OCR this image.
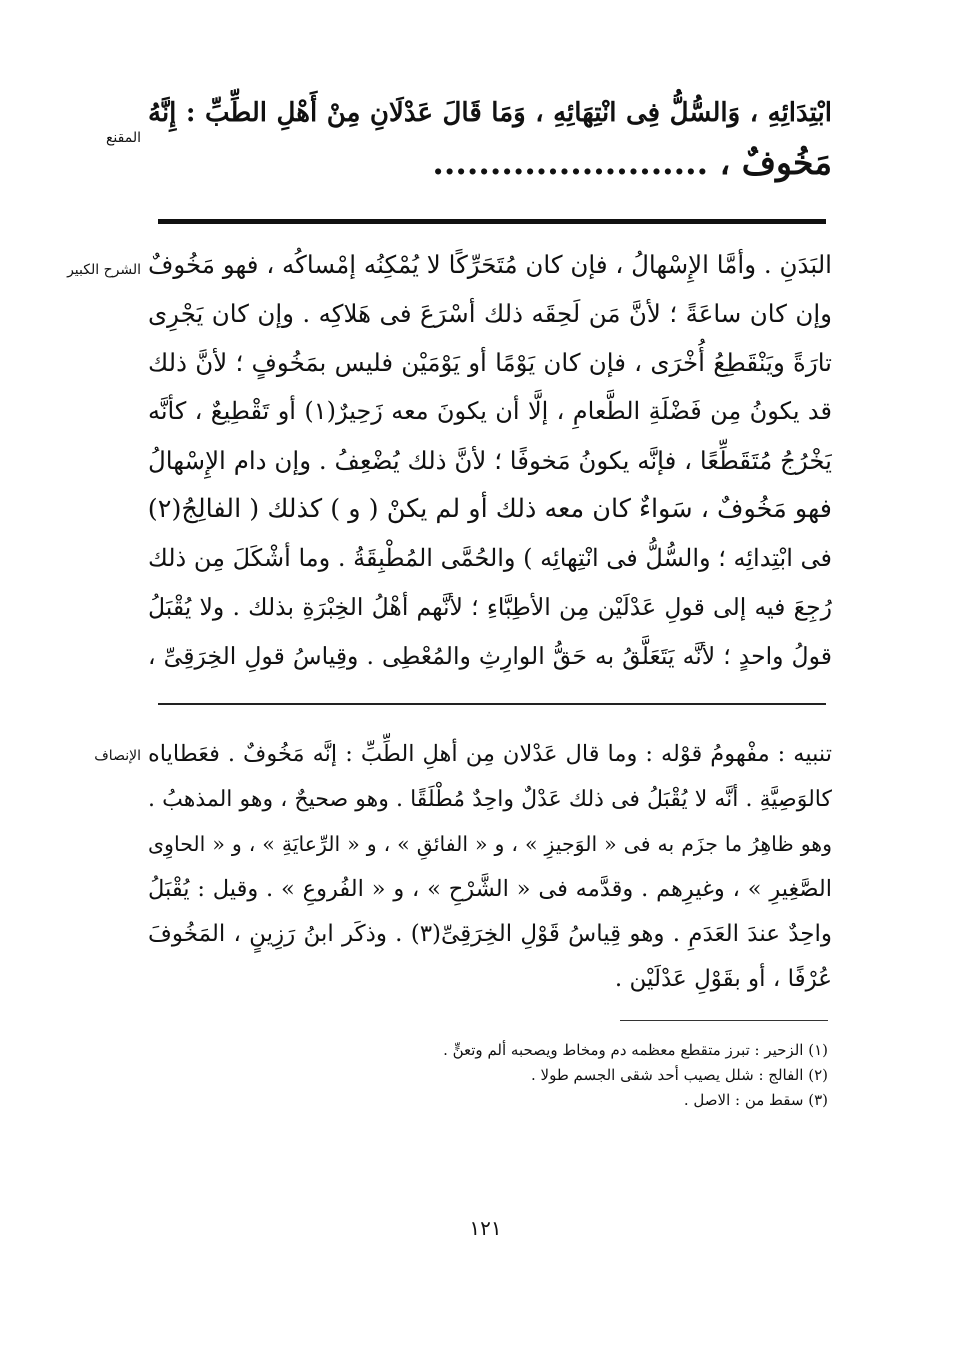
المقنع
ابْتِدَائِهِ ، وَالسُّلُّ فِى انْتِهَائِهِ ، وَمَا قَالَ عَدْلَانِ مِنْ أَهْلِ الطِّبِّ : إِنَّهُ
مَخُوفٌ ، ........................
الشرح الكبير البَدَنِ . وأمَّا الإِسْهالُ ، فإن كان مُتَحَرِّكًا لا يُمْكِنُه إمْساكُه ، فهو مَخُوفٌ
وإن كان ساعَةً ؛ لأنَّ مَن لَحِقَه ذلك أسْرَعَ فى هَلاكِه . وإن كان يَجْرِى
تارَةً ويَنْقَطِعُ أُخْرَى ، فإن كان يَوْمًا أو يَوْمَيْن فليس بمَخُوفٍ ؛ لأنَّ ذلك
قد يكونُ مِن فَضْلَةِ الطَّعامِ ، إلَّا أن يكونَ معه زَحِيرٌ(١) أو تَقْطِيعٌ ، كأنَّه
يَخْرُجُ مُتَقَطِّعًا ، فإنَّه يكونُ مَخوفًا ؛ لأنَّ ذلك يُضْعِفُ . وإن دام الإِسْهالُ
فهو مَخُوفٌ ، سَواءٌ كان معه ذلك أو لم يكنْ ( و ) كذلك ( الفالِجُ(٢)
فى ابْتِدائِه ؛ والسُّلُّ فى انْتِهائِه ) والحُمَّى المُطْبِقَةُ . وما أشْكَلَ مِن ذلك
رُجِعَ فيه إلى قولِ عَدْلَيْن مِن الأطِبَّاءِ ؛ لأنَّهم أهْلُ الخِبْرَةِ بذلك . ولا يُقْبَلُ
قولُ واحدٍ ؛ لأنَّه يَتَعَلَّقُ به حَقُّ الوارِثِ والمُعْطِى . وقِياسُ قولِ الخِرَقِىِّ ،
الإنصاف تنبيه : مفْهومُ قوْله : وما قال عَدْلان مِن أهلِ الطِّبِّ : إنَّه مَخُوفٌ . فعَطاياه
كالوَصِيَّةِ . أنَّه لا يُقْبَلُ فى ذلك عَدْلٌ واحِدٌ مُطْلَقًا . وهو صحيحٌ ، وهو المذهبُ .
وهو ظاهِرُ ما جزَم به فى « الوَجيزِ » ، و « الفائقِ » ، و « الرِّعايَةِ » ، و « الحاوِى
الصَّغِيرِ » ، وغيرِهم . وقدَّمه فى « الشَّرْحِ » ، و « الفُروعِ » . وقيل : يُقْبَلُ
واحِدٌ عندَ العَدَمِ . وهو قِياسُ قَوْلِ الخِرَقِىِّ(٣) . وذكَر ابنُ رَزِينٍ ، المَخُوفَ
عُرْفًا ، أو بقَوْلِ عَدْلَيْن .
(١) الزحير : تبرز متقطع معظمه دم ومخاط ويصحبه ألم وتعنٍّ .
(٢) الفالج : شلل يصيب أحد شقى الجسم طولا .
(٣) سقط من : الاصل .
١٢١
